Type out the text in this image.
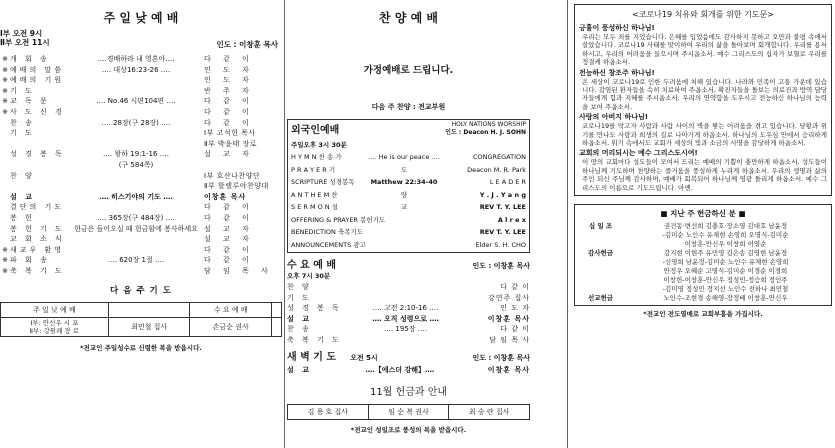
주 일 낮 예 배
Ⅰ부 오전 9시
Ⅱ부 오전 11시	인도 : 이창훈 목사
※ 개 회 송	‥‥경배하라 내 영혼아‥‥	다 같 이
※ 예배의 말씀	‥‥ 대상16:23-26 ‥‥	인 도 자
※ 예배의 기원	인 도 자
※ 기 도	반 주 자
※ 교 독 문	‥‥ No.46 시편104편 ‥‥	다 같 이
※ 사 도 신 경	다 같 이
찬 송	‥‥ 28장(구 28장) ‥‥	다 같 이
기 도	Ⅰ부 고석헌 목사
Ⅱ부 박윤태 장로
성 경 봉 독	‥‥ 왕하 19:1-16 ‥‥	설 교 자
(구 584쪽)
찬 양	Ⅰ부 호산나찬양단
Ⅱ부 할렐루야찬양대
설 교	‥‥ 히스기야의 기도 ‥‥	이창훈 목사
결단의 기도	다 같 이
봉 헌	‥‥ 365장(구 484장) ‥‥	다 같 이
봉 헌 기 도	헌금은 들어오실 때 헌금함에 봉사하세요 설 교 자
교 회 소 식	설 교 자
※ 새교우 환영	다 같 이
※ 파 회 송	‥‥ 620장 1절 ‥‥	다 같 이
※ 축 복 기 도	담 임 목 사
다 음 주 기 도
주 일 낮 예 배		수 요 예 배	
Ⅰ부: 안신우 시 포
Ⅱ부: 강원례 장 로	최민철 집사	손금순 권사	
*전교인 주일성수로 신령한 복을 받읍시다.
찬 양 예 배
가정예배로 드립니다.
다음 주 찬양 : 전교부원
외국인예배
HOLY NATIONS WORSHIP
인도 : Deacon H. J. SOHN
주일오후 3시 30분
H Y M N 찬 송 가	‥‥ He is our peace ‥‥	CONGREGATION
P R A Y E R 기	도	Deacon M. R. Park
SCRIPTURE 성경봉독	Matthew 22:34-40	L E A D E R
A N T H E M 찬	양	Y . J . Y a n g
S E R M O N 설	교	REV T. Y. LEE
OFFERING & PRAYER 봉헌기도	A l r e x
BENEDICTION 축복기도	REV T. Y. LEE
ANNOUNCEMENTS 광고	Elder S. H. CHO
수 요 예 배	인도 : 이창훈 목사
오후 7시 30분
찬 양	다 같 이
기 도	강연주 집사
성 경 봉 독	‥‥ 고전 2:10-16 ‥‥	인 도 자
설 교	‥‥ 오직 성령으로 ‥‥	이창훈 목사
찬 송	‥‥ 195장 ‥‥	다 같 이
축 복 기 도	담 임 목 사
새 벽 기 도 오전 5시	인도 : 이창훈 목사
설 교	‥‥【에스더 강해】‥‥	이창훈 목사
11월 헌금과 안내
김 용 호 집사	임 순 복 권사	최 승 란 집사
*전교인 성일조로 풍성의 복을 받읍시다.
<코로나19 치유와 회개를 위한 기도문>
긍휼이 풍성하신 하나님!

우리는 모두 죄를 지었습니다. 은혜를 입었음에도 감사하지 못하고 오만과 불평 속에서 살았습니다. 코로나19 사태를 맞이하여 우리의 삶을 돌아보며 회개합니다. 우리를 용서하시고, 우리의 어려움을 들으시며 주시옵소서. 예수 그리스도의 십자가 보혈로 우리를 정결케 하옵소서.

전능하신 창조주 하나님!

온 세상이 코로나19로 인한 두려움에 처해 있습니다. 나라와 민족이 고통 가운데 있습니다. 감염된 환자들을 속히 치료하여 주옵소서. 확진자들을 돌보는 의료진과 방역 담당자들에게 힘과 지혜를 주시옵소서. 우리의 연약함을 도우시고 전능하신 하나님의 능력을 보여 주옵소서.

사랑의 아버지 하나님!

코로나19를 막고자 사람과 사람 사이의 벽을 쌓는 어려움을 겪고 있습니다. 당황과 위기를 만나도 사랑과 희생의 길로 나아가게 하옵소서. 하나님의 도우심 안에서 승리하게 하옵소서. 위기 속에서도 교회가 세상의 빛과 소금의 사명을 감당하게 하옵소서.

교회의 머리되시는 예수 그리스도시여!

이 땅의 교회마다 성도들이 모여서 드리는 예배의 기쁨이 충만하게 하옵소서. 성도들이 하나님께 기도하며 찬양하는 즐거움을 풍성하게 누리게 하옵소서. 우리의 생명과 삶의 주인 되신 주님께 감사하며, 예배가 회복되어 하나님께 영광 돌리게 하옵소서. 예수 그리스도의 이름으로 기도드립니다. 아멘.

■ 지난 주 헌금하신 분 ■
십 일 조	권건동·변선희 김충호·장소영 김대호 남윤정
-김미순 노인수 유재현 손영희 오명식-김미순
이창훈-안신우 이창희 이영순
감사헌금	강지현 이현주 유민영 김은송 김영현 남윤정
-신영희 남윤정-김미순 노인수 유재현 손영희
안정우 오혜순 고명식-김미순 이경순 이경희
이창헌-이창훈-안신우 정성민-정승희 정인주
-김미영 정성민 정지선 노인수 전하나 최민철
선교헌금	노인수-조현경 송해영-장정배 이창훈-안신우
*전교인 전도열매로 교회부흥을 가집시다.
